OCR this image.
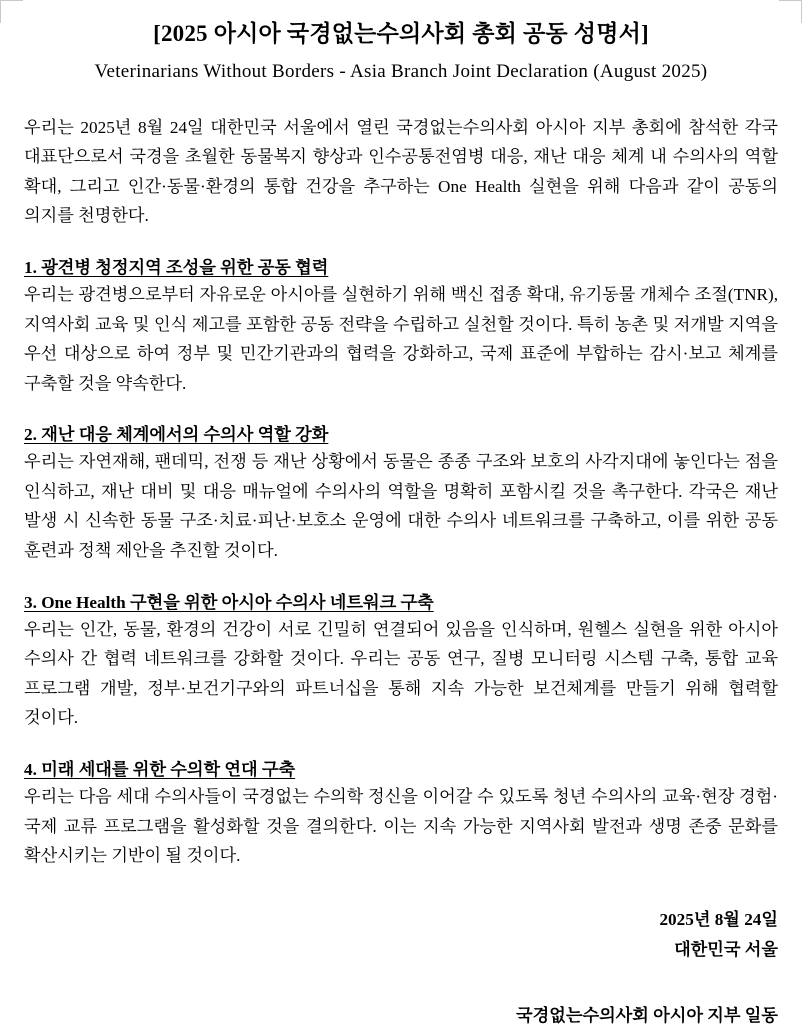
[2025 아시아 국경없는수의사회 총회 공동 성명서]
Veterinarians Without Borders - Asia Branch Joint Declaration (August 2025)

우리는 2025년 8월 24일 대한민국 서울에서 열린 국경없는수의사회 아시아 지부 총회에 참석한 각국 대표단으로서 국경을 초월한 동물복지 향상과 인수공통전염병 대응, 재난 대응 체계 내 수의사의 역할 확대, 그리고 인간·동물·환경의 통합 건강을 추구하는 One Health 실현을 위해 다음과 같이 공동의 의지를 천명한다.

1. 광견병 청정지역 조성을 위한 공동 협력

우리는 광견병으로부터 자유로운 아시아를 실현하기 위해 백신 접종 확대, 유기동물 개체수 조절(TNR), 지역사회 교육 및 인식 제고를 포함한 공동 전략을 수립하고 실천할 것이다. 특히 농촌 및 저개발 지역을 우선 대상으로 하여 정부 및 민간기관과의 협력을 강화하고, 국제 표준에 부합하는 감시·보고 체계를 구축할 것을 약속한다.

2. 재난 대응 체계에서의 수의사 역할 강화

우리는 자연재해, 팬데믹, 전쟁 등 재난 상황에서 동물은 종종 구조와 보호의 사각지대에 놓인다는 점을 인식하고, 재난 대비 및 대응 매뉴얼에 수의사의 역할을 명확히 포함시킬 것을 촉구한다. 각국은 재난 발생 시 신속한 동물 구조·치료·피난·보호소 운영에 대한 수의사 네트워크를 구축하고, 이를 위한 공동 훈련과 정책 제안을 추진할 것이다.

3. One Health 구현을 위한 아시아 수의사 네트워크 구축

우리는 인간, 동물, 환경의 건강이 서로 긴밀히 연결되어 있음을 인식하며, 원헬스 실현을 위한 아시아 수의사 간 협력 네트워크를 강화할 것이다. 우리는 공동 연구, 질병 모니터링 시스템 구축, 통합 교육 프로그램 개발, 정부·보건기구와의 파트너십을 통해 지속 가능한 보건체계를 만들기 위해 협력할 것이다.

4. 미래 세대를 위한 수의학 연대 구축

우리는 다음 세대 수의사들이 국경없는 수의학 정신을 이어갈 수 있도록 청년 수의사의 교육·현장 경험·국제 교류 프로그램을 활성화할 것을 결의한다. 이는 지속 가능한 지역사회 발전과 생명 존중 문화를 확산시키는 기반이 될 것이다.

2025년 8월 24일
대한민국 서울
국경없는수의사회 아시아 지부 일동
